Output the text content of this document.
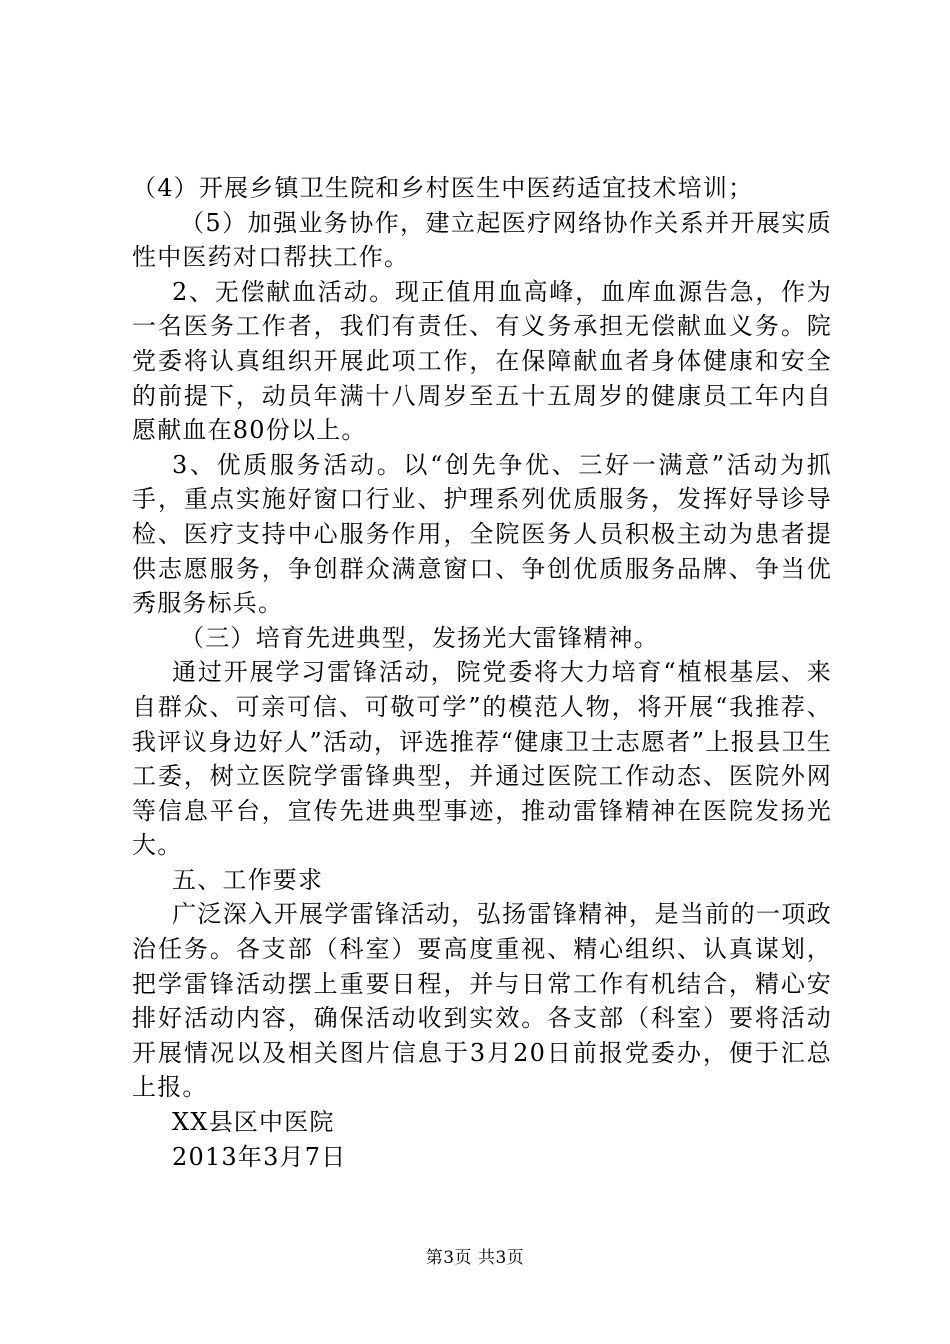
（4）开展乡镇卫生院和乡村医生中医药适宜技术培训；

（5）加强业务协作，建立起医疗网络协作关系并开展实质性中医药对口帮扶工作。

2、无偿献血活动。现正值用血高峰，血库血源告急，作为一名医务工作者，我们有责任、有义务承担无偿献血义务。院党委将认真组织开展此项工作，在保障献血者身体健康和安全的前提下，动员年满十八周岁至五十五周岁的健康员工年内自愿献血在80份以上。

3、优质服务活动。以“创先争优、三好一满意”活动为抓手，重点实施好窗口行业、护理系列优质服务，发挥好导诊导检、医疗支持中心服务作用，全院医务人员积极主动为患者提供志愿服务，争创群众满意窗口、争创优质服务品牌、争当优秀服务标兵。

（三）培育先进典型，发扬光大雷锋精神。

通过开展学习雷锋活动，院党委将大力培育“植根基层、来自群众、可亲可信、可敬可学”的模范人物，将开展“我推荐、我评议身边好人”活动，评选推荐“健康卫士志愿者”上报县卫生工委，树立医院学雷锋典型，并通过医院工作动态、医院外网等信息平台，宣传先进典型事迹，推动雷锋精神在医院发扬光大。

五、工作要求

广泛深入开展学雷锋活动，弘扬雷锋精神，是当前的一项政治任务。各支部（科室）要高度重视、精心组织、认真谋划，把学雷锋活动摆上重要日程，并与日常工作有机结合，精心安排好活动内容，确保活动收到实效。各支部（科室）要将活动开展情况以及相关图片信息于3月20日前报党委办，便于汇总上报。

XX县区中医院

2013年3月7日

第3页 共3页
